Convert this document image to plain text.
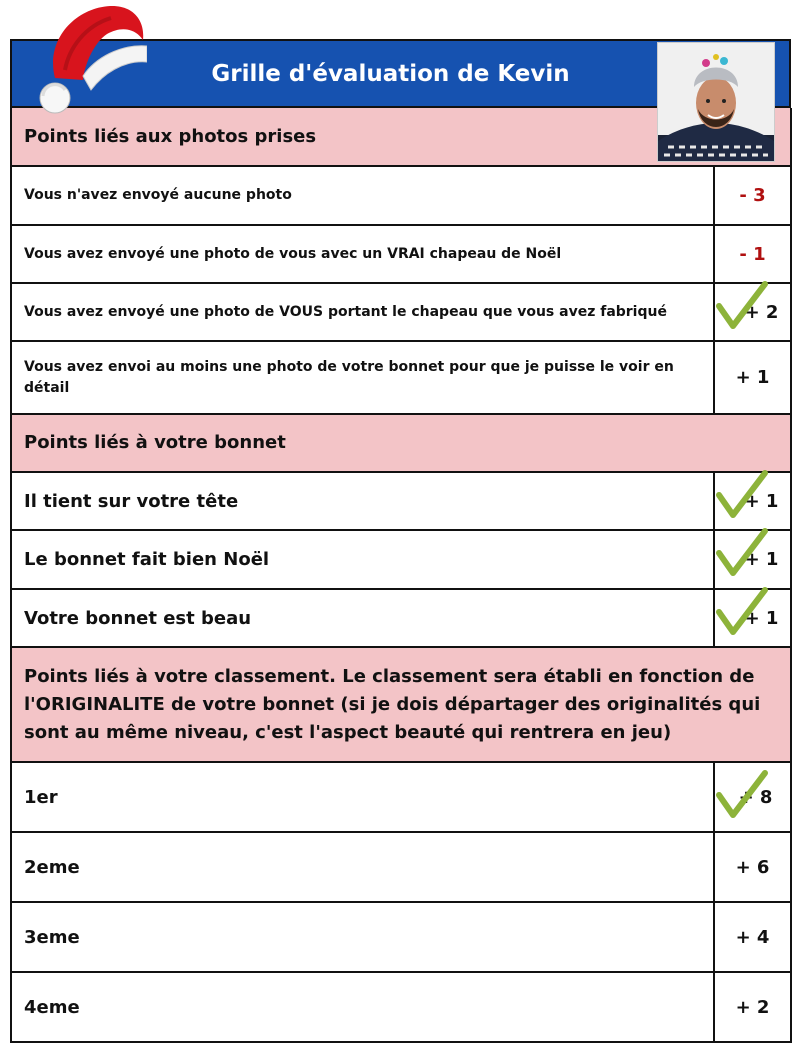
Grille d'évaluation de Kevin
Points liés aux photos prises
Vous n'avez envoyé aucune photo	- 3
Vous avez envoyé une photo de vous avec un VRAI chapeau de Noël	- 1
Vous avez envoyé une photo de VOUS portant le chapeau que vous avez fabriqué	+ 2
Vous avez envoi au moins une photo de votre bonnet pour que je puisse le voir en détail	+ 1
Points liés à votre bonnet
Il tient sur votre tête	+ 1
Le bonnet fait bien Noël	+ 1
Votre bonnet est beau	+ 1
Points liés à votre classement. Le classement sera établi en fonction de l'ORIGINALITE de votre bonnet (si je dois départager des originalités qui sont au même niveau, c'est l'aspect beauté qui rentrera en jeu)
1er	+ 8
2eme	+ 6
3eme	+ 4
4eme	+ 2
